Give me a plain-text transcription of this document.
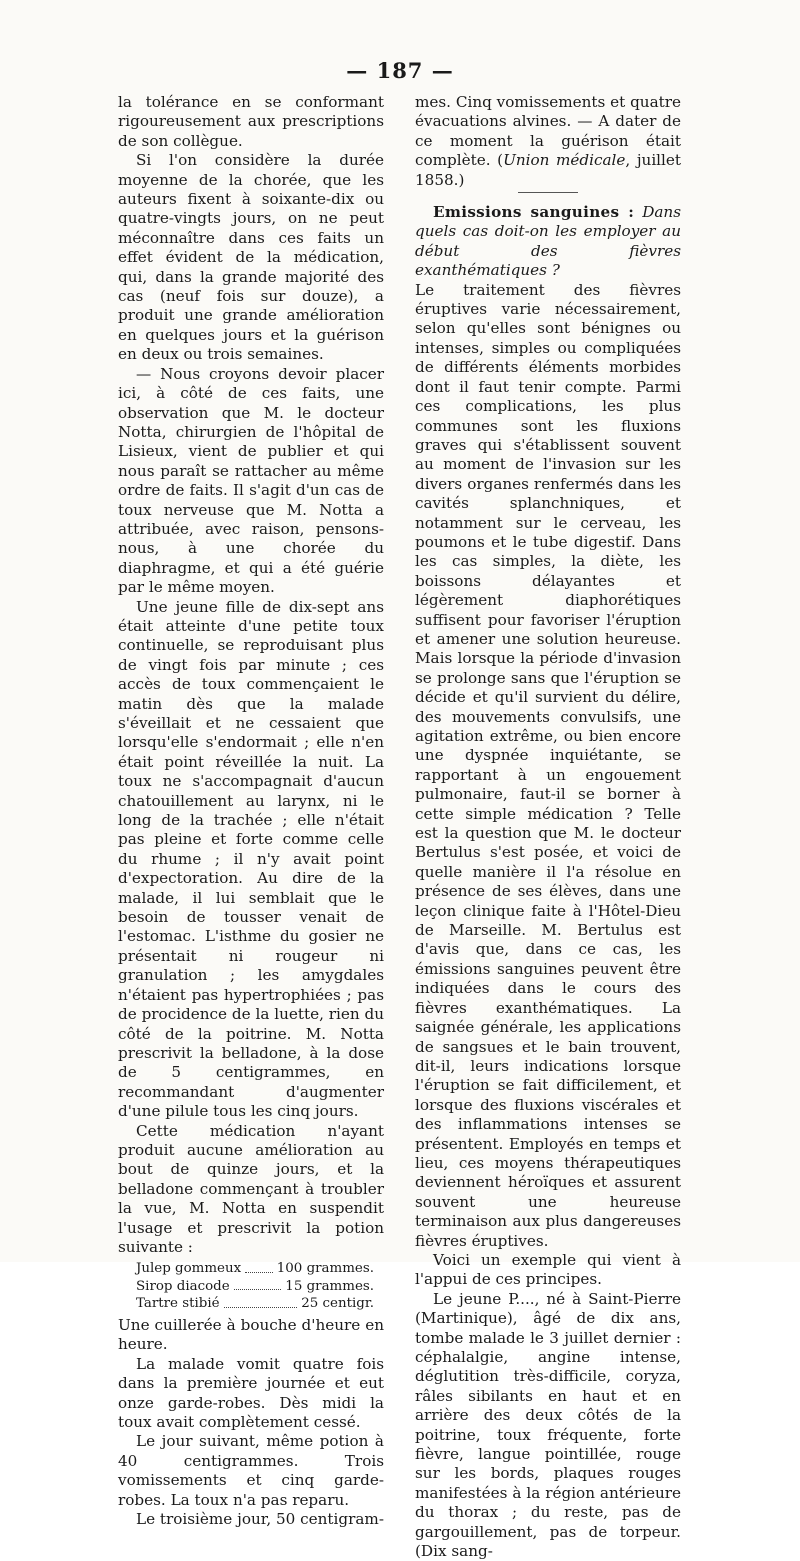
— 187 —

la tolérance en se conformant rigoureusement aux prescriptions de son collègue.

Si l'on considère la durée moyenne de la chorée, que les auteurs fixent à soixante-dix ou quatre-vingts jours, on ne peut méconnaître dans ces faits un effet évident de la médication, qui, dans la grande majorité des cas (neuf fois sur douze), a produit une grande amélioration en quelques jours et la guérison en deux ou trois semaines.

— Nous croyons devoir placer ici, à côté de ces faits, une observation que M. le docteur Notta, chirurgien de l'hôpital de Lisieux, vient de publier et qui nous paraît se rattacher au même ordre de faits. Il s'agit d'un cas de toux nerveuse que M. Notta a attribuée, avec raison, pensons-nous, à une chorée du diaphragme, et qui a été guérie par le même moyen.

Une jeune fille de dix-sept ans était atteinte d'une petite toux continuelle, se reproduisant plus de vingt fois par minute ; ces accès de toux commençaient le matin dès que la malade s'éveillait et ne cessaient que lorsqu'elle s'endormait ; elle n'en était point réveillée la nuit. La toux ne s'accompagnait d'aucun chatouillement au larynx, ni le long de la trachée ; elle n'était pas pleine et forte comme celle du rhume ; il n'y avait point d'expectoration. Au dire de la malade, il lui semblait que le besoin de tousser venait de l'estomac. L'isthme du gosier ne présentait ni rougeur ni granulation ; les amygdales n'étaient pas hypertrophiées ; pas de procidence de la luette, rien du côté de la poitrine. M. Notta prescrivit la belladone, à la dose de 5 centigrammes, en recommandant d'augmenter d'une pilule tous les cinq jours.

Cette médication n'ayant produit aucune amélioration au bout de quinze jours, et la belladone commençant à troubler la vue, M. Notta en suspendit l'usage et prescrivit la potion suivante :

Julep gommeux	100 grammes.
Sirop diacode	15 grammes.
Tartre stibié	25 centigr.

Une cuillerée à bouche d'heure en heure.

La malade vomit quatre fois dans la première journée et eut onze garde-robes. Dès midi la toux avait complètement cessé.

Le jour suivant, même potion à 40 centigrammes. Trois vomissements et cinq garde-robes. La toux n'a pas reparu.

Le troisième jour, 50 centigram-

mes. Cinq vomissements et quatre évacuations alvines. — A dater de ce moment la guérison était complète. (Union médicale, juillet 1858.)

Emissions sanguines : Dans quels cas doit-on les employer au début des fièvres exanthématiques ?

Le traitement des fièvres éruptives varie nécessairement, selon qu'elles sont bénignes ou intenses, simples ou compliquées de différents éléments morbides dont il faut tenir compte. Parmi ces complications, les plus communes sont les fluxions graves qui s'établissent souvent au moment de l'invasion sur les divers organes renfermés dans les cavités splanchniques, et notamment sur le cerveau, les poumons et le tube digestif. Dans les cas simples, la diète, les boissons délayantes et légèrement diaphorétiques suffisent pour favoriser l'éruption et amener une solution heureuse. Mais lorsque la période d'invasion se prolonge sans que l'éruption se décide et qu'il survient du délire, des mouvements convulsifs, une agitation extrême, ou bien encore une dyspnée inquiétante, se rapportant à un engouement pulmonaire, faut-il se borner à cette simple médication ? Telle est la question que M. le docteur Bertulus s'est posée, et voici de quelle manière il l'a résolue en présence de ses élèves, dans une leçon clinique faite à l'Hôtel-Dieu de Marseille. M. Bertulus est d'avis que, dans ce cas, les émissions sanguines peuvent être indiquées dans le cours des fièvres exanthématiques. La saignée générale, les applications de sangsues et le bain trouvent, dit-il, leurs indications lorsque l'éruption se fait difficilement, et lorsque des fluxions viscérales et des inflammations intenses se présentent. Employés en temps et lieu, ces moyens thérapeutiques deviennent héroïques et assurent souvent une heureuse terminaison aux plus dangereuses fièvres éruptives.

Voici un exemple qui vient à l'appui de ces principes.

Le jeune P...., né à Saint-Pierre (Martinique), âgé de dix ans, tombe malade le 3 juillet dernier : céphalalgie, angine intense, déglutition très-difficile, coryza, râles sibilants en haut et en arrière des deux côtés de la poitrine, toux fréquente, forte fièvre, langue pointillée, rouge sur les bords, plaques rouges manifestées à la région antérieure du thorax ; du reste, pas de gargouillement, pas de torpeur. (Dix sang-
